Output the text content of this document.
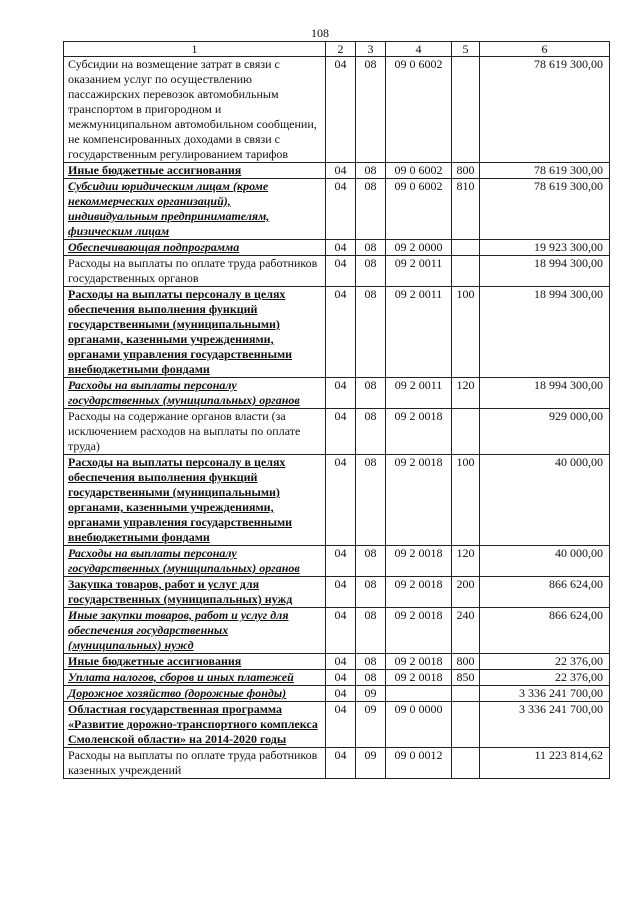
108
1	2	3	4	5	6
Субсидии на возмещение затрат в связи с оказанием услуг по осуществлению пассажирских перевозок автомобильным транспортом в пригородном и межмуниципальном автомобильном сообщении, не компенсированных доходами в связи с государственным регулированием тарифов	04	08	09 0 6002		78 619 300,00
Иные бюджетные ассигнования	04	08	09 0 6002	800	78 619 300,00
Субсидии юридическим лицам (кроме некоммерческих организаций), индивидуальным предпринимателям, физическим лицам	04	08	09 0 6002	810	78 619 300,00
Обеспечивающая подпрограмма	04	08	09 2 0000		19 923 300,00
Расходы на выплаты по оплате труда работников государственных органов	04	08	09 2 0011		18 994 300,00
Расходы на выплаты персоналу в целях обеспечения выполнения функций государственными (муниципальными) органами, казенными учреждениями, органами управления государственными внебюджетными фондами	04	08	09 2 0011	100	18 994 300,00
Расходы на выплаты персоналу государственных (муниципальных) органов	04	08	09 2 0011	120	18 994 300,00
Расходы на содержание органов власти (за исключением расходов на выплаты по оплате труда)	04	08	09 2 0018		929 000,00
Расходы на выплаты персоналу в целях обеспечения выполнения функций государственными (муниципальными) органами, казенными учреждениями, органами управления государственными внебюджетными фондами	04	08	09 2 0018	100	40 000,00
Расходы на выплаты персоналу государственных (муниципальных) органов	04	08	09 2 0018	120	40 000,00
Закупка товаров, работ и услуг для государственных (муниципальных) нужд	04	08	09 2 0018	200	866 624,00
Иные закупки товаров, работ и услуг для обеспечения государственных (муниципальных) нужд	04	08	09 2 0018	240	866 624,00
Иные бюджетные ассигнования	04	08	09 2 0018	800	22 376,00
Уплата налогов, сборов и иных платежей	04	08	09 2 0018	850	22 376,00
Дорожное хозяйство (дорожные фонды)	04	09			3 336 241 700,00
Областная государственная программа «Развитие дорожно-транспортного комплекса Смоленской области» на 2014-2020 годы	04	09	09 0 0000		3 336 241 700,00
Расходы на выплаты по оплате труда работников казенных учреждений	04	09	09 0 0012		11 223 814,62
